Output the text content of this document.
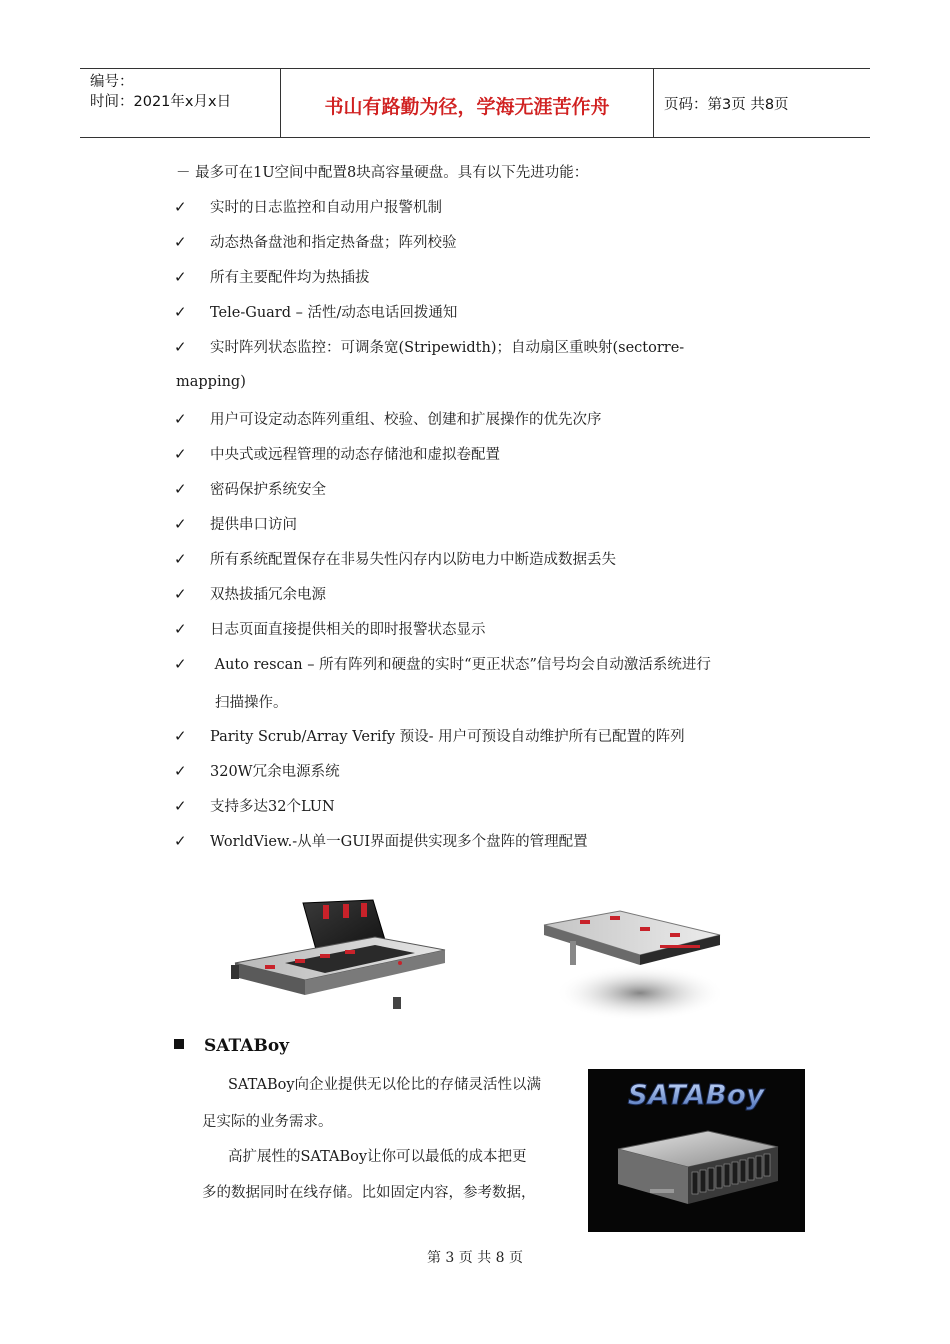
编号：
时间：2021年x月x日	书山有路勤为径，学海无涯苦作舟	页码：第3页 共8页
－ 最多可在1U空间中配置8块高容量硬盘。具有以下先进功能：
✓ 实时的日志监控和自动用户报警机制
✓ 动态热备盘池和指定热备盘；阵列校验
✓ 所有主要配件均为热插拔
✓ Tele-Guard – 活性/动态电话回拨通知
✓ 实时阵列状态监控：可调条宽(Stripewidth)；自动扇区重映射(sectorre-
mapping)
✓ 用户可设定动态阵列重组、校验、创建和扩展操作的优先次序
✓ 中央式或远程管理的动态存储池和虚拟卷配置
✓ 密码保护系统安全
✓ 提供串口访问
✓ 所有系统配置保存在非易失性闪存内以防电力中断造成数据丢失
✓ 双热拔插冗余电源
✓ 日志页面直接提供相关的即时报警状态显示
✓ Auto rescan – 所有阵列和硬盘的实时“更正状态”信号均会自动激活系统进行
扫描操作。
✓ Parity Scrub/Array Verify 预设- 用户可预设自动维护所有已配置的阵列
✓ 320W冗余电源系统
✓ 支持多达32个LUN
✓ WorldView.-从单一GUI界面提供实现多个盘阵的管理配置
SATABoy
SATABoy向企业提供无以伦比的存储灵活性以满
足实际的业务需求。
高扩展性的SATABoy让你可以最低的成本把更
多的数据同时在线存储。比如固定内容，参考数据，
SATABoy
第 3 页 共 8 页
